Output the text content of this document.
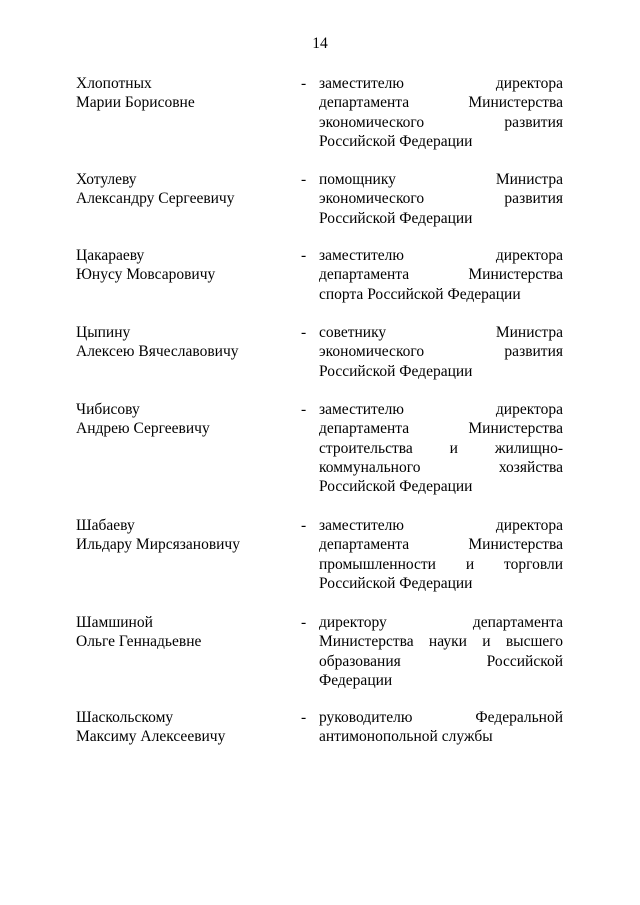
14
Хлопотных
Марии Борисовне
- заместителю директора
департамента Министерства
экономического развития
Российской Федерации
Хотулеву
Александру Сергеевичу
- помощнику Министра
экономического развития
Российской Федерации
Цакараеву
Юнусу Мовсаровичу
- заместителю директора
департамента Министерства
спорта Российской Федерации
Цыпину
Алексею Вячеславовичу
- советнику Министра
экономического развития
Российской Федерации
Чибисову
Андрею Сергеевичу
- заместителю директора
департамента Министерства
строительства и жилищно-
коммунального хозяйства
Российской Федерации
Шабаеву
Ильдару Мирсязановичу
- заместителю директора
департамента Министерства
промышленности и торговли
Российской Федерации
Шамшиной
Ольге Геннадьевне
- директору департамента
Министерства науки и высшего
образования Российской
Федерации
Шаскольскому
Максиму Алексеевичу
- руководителю Федеральной
антимонопольной службы
